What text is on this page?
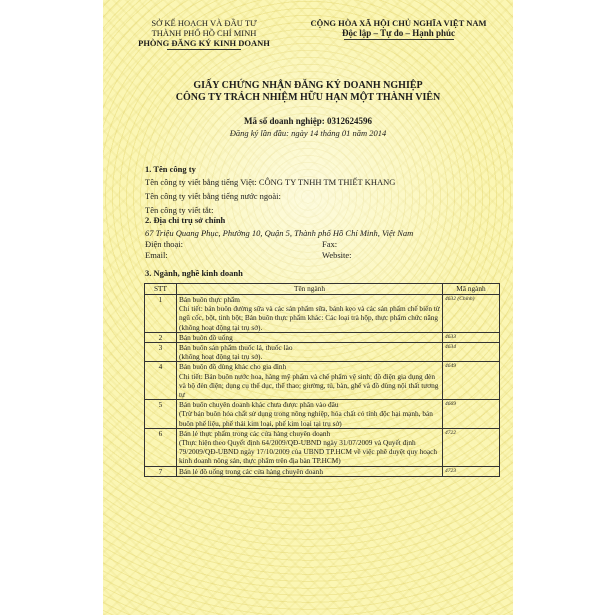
SỞ KẾ HOẠCH VÀ ĐẦU TƯ
THÀNH PHỐ HỒ CHÍ MINH
PHÒNG ĐĂNG KÝ KINH DOANH
CỘNG HÒA XÃ HỘI CHỦ NGHĨA VIỆT NAM
Độc lập – Tự do – Hạnh phúc
GIẤY CHỨNG NHẬN ĐĂNG KÝ DOANH NGHIỆP
CÔNG TY TRÁCH NHIỆM HỮU HẠN MỘT THÀNH VIÊN
Mã số doanh nghiệp: 0312624596
Đăng ký lần đầu: ngày 14 tháng 01 năm 2014
1. Tên công ty
Tên công ty viết bằng tiếng Việt: CÔNG TY TNHH TM THIẾT KHANG
Tên công ty viết bằng tiếng nước ngoài:
Tên công ty viết tắt:
2. Địa chỉ trụ sở chính
67 Triệu Quang Phục, Phường 10, Quận 5, Thành phố Hồ Chí Minh, Việt Nam
Điện thoại:	Fax:
Email:	Website:
3. Ngành, nghề kinh doanh
STT	Tên ngành	Mã ngành
1	Bán buôn thực phẩm
Chi tiết: bán buôn đường sữa và các sản phẩm sữa, bánh kẹo và các sản phẩm chế biến từ ngũ cốc, bột, tinh bột; Bán buôn thực phẩm khác: Các loại trà hộp, thực phẩm chức năng (không hoạt động tại trụ sở).	4632 (Chính)
2	Bán buôn đồ uống	4633
3	Bán buôn sản phẩm thuốc lá, thuốc lào
(không hoạt động tại trụ sở).	4634
4	Bán buôn đồ dùng khác cho gia đình
Chi tiết: Bán buôn nước hoa, hàng mỹ phẩm và chế phẩm vệ sinh; đồ điện gia dụng đèn và bộ đèn điện; dụng cụ thể dục, thể thao; giường, tủ, bàn, ghế và đồ dùng nội thất tương tự	4649
5	Bán buôn chuyên doanh khác chưa được phân vào đâu
(Trừ bán buôn hóa chất sử dụng trong nông nghiệp, hóa chất có tính độc hại mạnh, bán buôn phế liệu, phế thải kim loại, phế kim loại tại trụ sở)	4669
6	Bán lẻ thực phẩm trong các cửa hàng chuyên doanh
(Thực hiện theo Quyết định 64/2009/QĐ-UBND ngày 31/07/2009 và Quyết định 79/2009/QĐ-UBND ngày 17/10/2009 của UBND TP.HCM về việc phê duyệt quy hoạch kinh doanh nông sản, thực phẩm trên địa bàn TP.HCM)	4722
7	Bán lẻ đồ uống trong các cửa hàng chuyên doanh	4723
